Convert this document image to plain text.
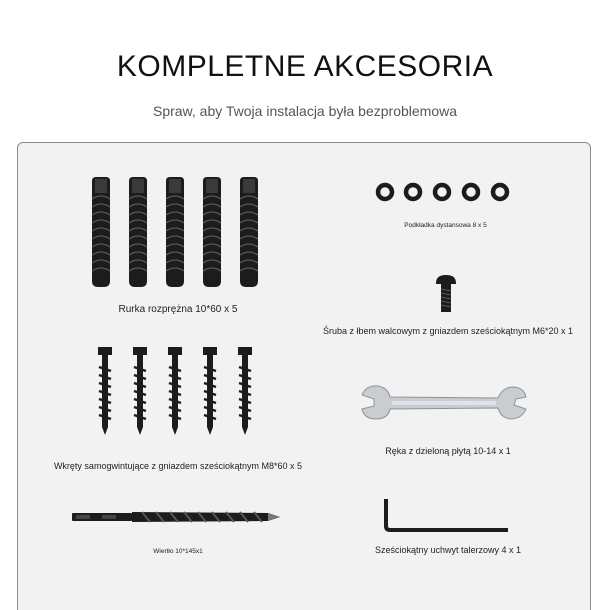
KOMPLETNE AKCESORIA
Spraw, aby Twoja instalacja była bezproblemowa
Rurka rozprężna 10*60 x 5
Podkładka dystansowa 8 x 5
Śruba z łbem walcowym z gniazdem sześciokątnym M6*20 x 1
Wkręty samogwintujące z gniazdem sześciokątnym M8*60 x 5
Ręka z dzieloną płytą 10-14 x 1
Wiertło 10*145x1	Sześciokątny uchwyt talerzowy 4 x 1
